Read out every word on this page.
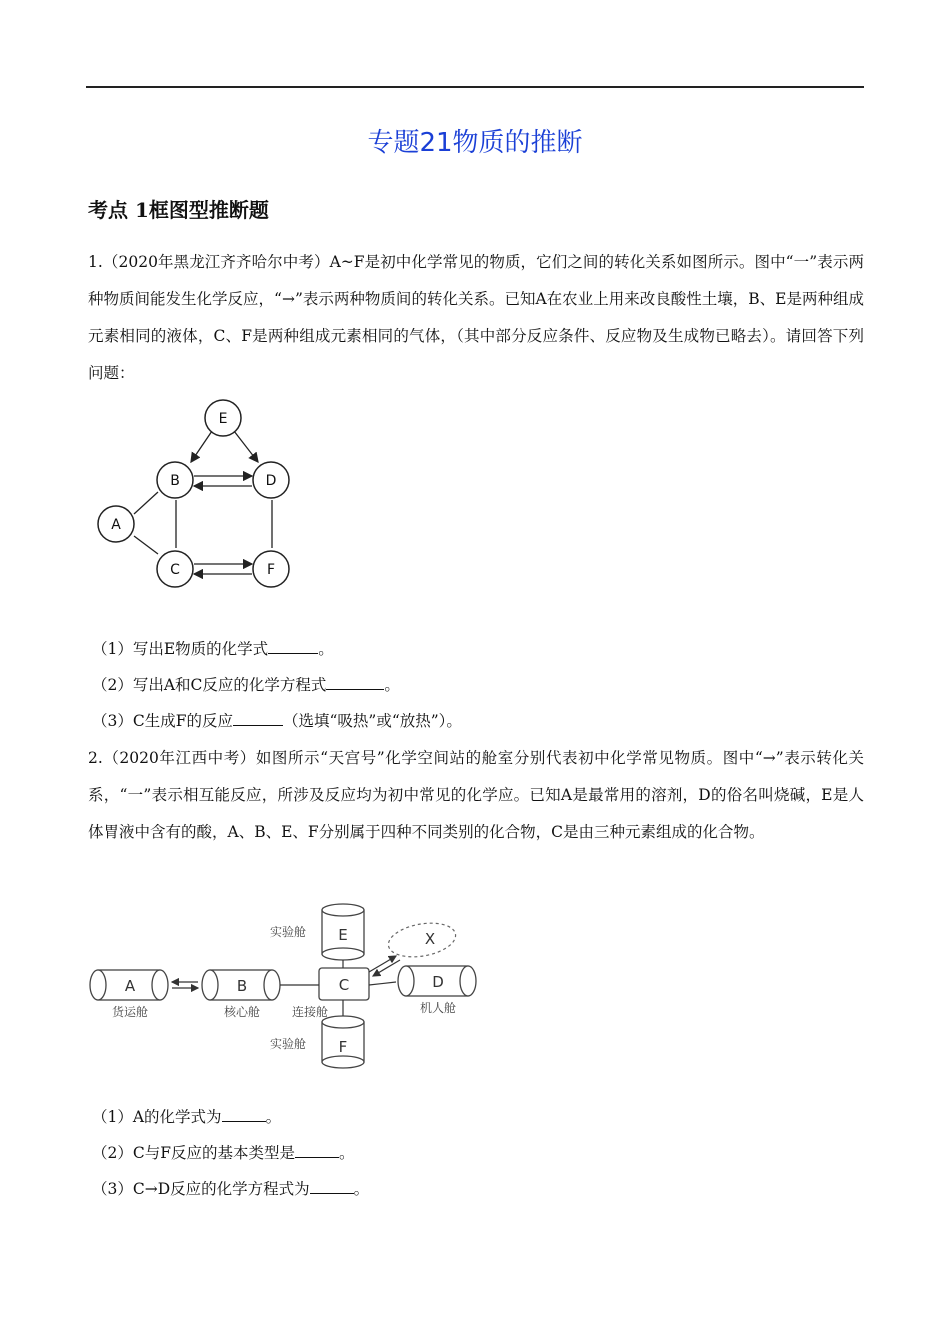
专题21物质的推断
考点 1框图型推断题
1.（2020年黑龙江齐齐哈尔中考）A~F是初中化学常见的物质，它们之间的转化关系如图所示。图中“一”表示两种物质间能发生化学反应，“→”表示两种物质间的转化关系。已知A在农业上用来改良酸性土壤，B、E是两种组成元素相同的液体，C、F是两种组成元素相同的气体，（其中部分反应条件、反应物及生成物已略去）。请回答下列问题：
E
B	D
A
C	F
（1）写出E物质的化学式	。
（2）写出A和C反应的化学方程式	。
（3）C生成F的反应	（选填“吸热”或“放热”）。
2.（2020年江西中考）如图所示“天宫号”化学空间站的舱室分别代表初中化学常见物质。图中“→”表示转化关系，“一”表示相互能反应，所涉及反应均为初中常见的化学应。已知A是最常用的溶剂，D的俗名叫烧碱，E是人体胃液中含有的酸，A、B、E、F分别属于四种不同类别的化合物，C是由三种元素组成的化合物。
A	B	C	D
E
F
X
货运舱	核心舱	连接舱	机人舱
实验舱
实验舱
（1）A的化学式为	。
（2）C与F反应的基本类型是	。
（3）C→D反应的化学方程式为	。
